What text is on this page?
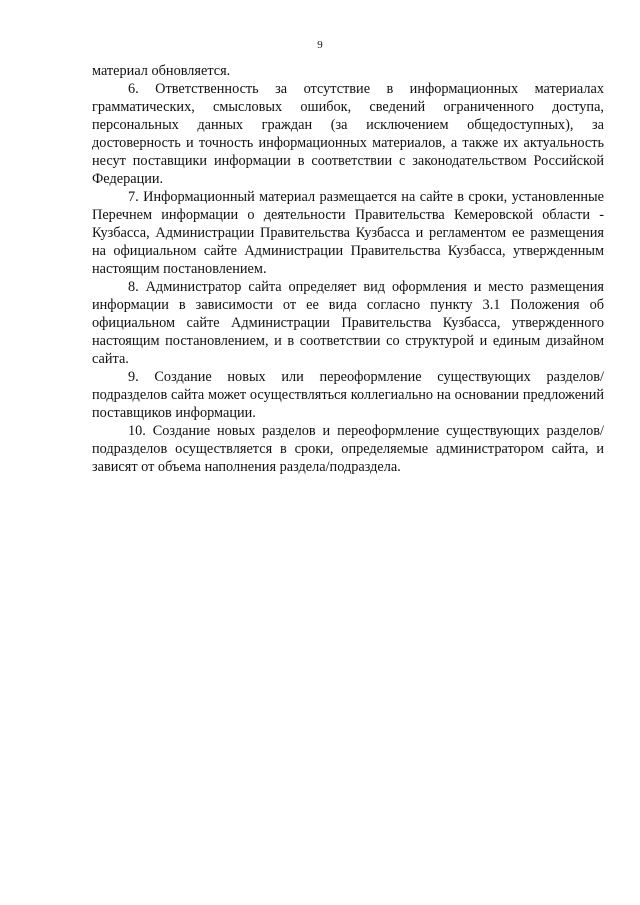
9

материал обновляется.

6. Ответственность за отсутствие в информационных материалах грамматических, смысловых ошибок, сведений ограниченного доступа, персональных данных граждан (за исключением общедоступных), за достоверность и точность информационных материалов, а также их актуальность несут поставщики информации в соответствии с законодательством Российской Федерации.

7. Информационный материал размещается на сайте в сроки, установленные Перечнем информации о деятельности Правительства Кемеровской области - Кузбасса, Администрации Правительства Кузбасса и регламентом ее размещения на официальном сайте Администрации Правительства Кузбасса, утвержденным настоящим постановлением.

8. Администратор сайта определяет вид оформления и место размещения информации в зависимости от ее вида согласно пункту 3.1 Положения об официальном сайте Администрации Правительства Кузбасса, утвержденного настоящим постановлением, и в соответствии со структурой и единым дизайном сайта.

9. Создание новых или переоформление существующих разделов/подразделов сайта может осуществляться коллегиально на основании предложений поставщиков информации.

10. Создание новых разделов и переоформление существующих разделов/подразделов осуществляется в сроки, определяемые администратором сайта, и зависят от объема наполнения раздела/подраздела.
